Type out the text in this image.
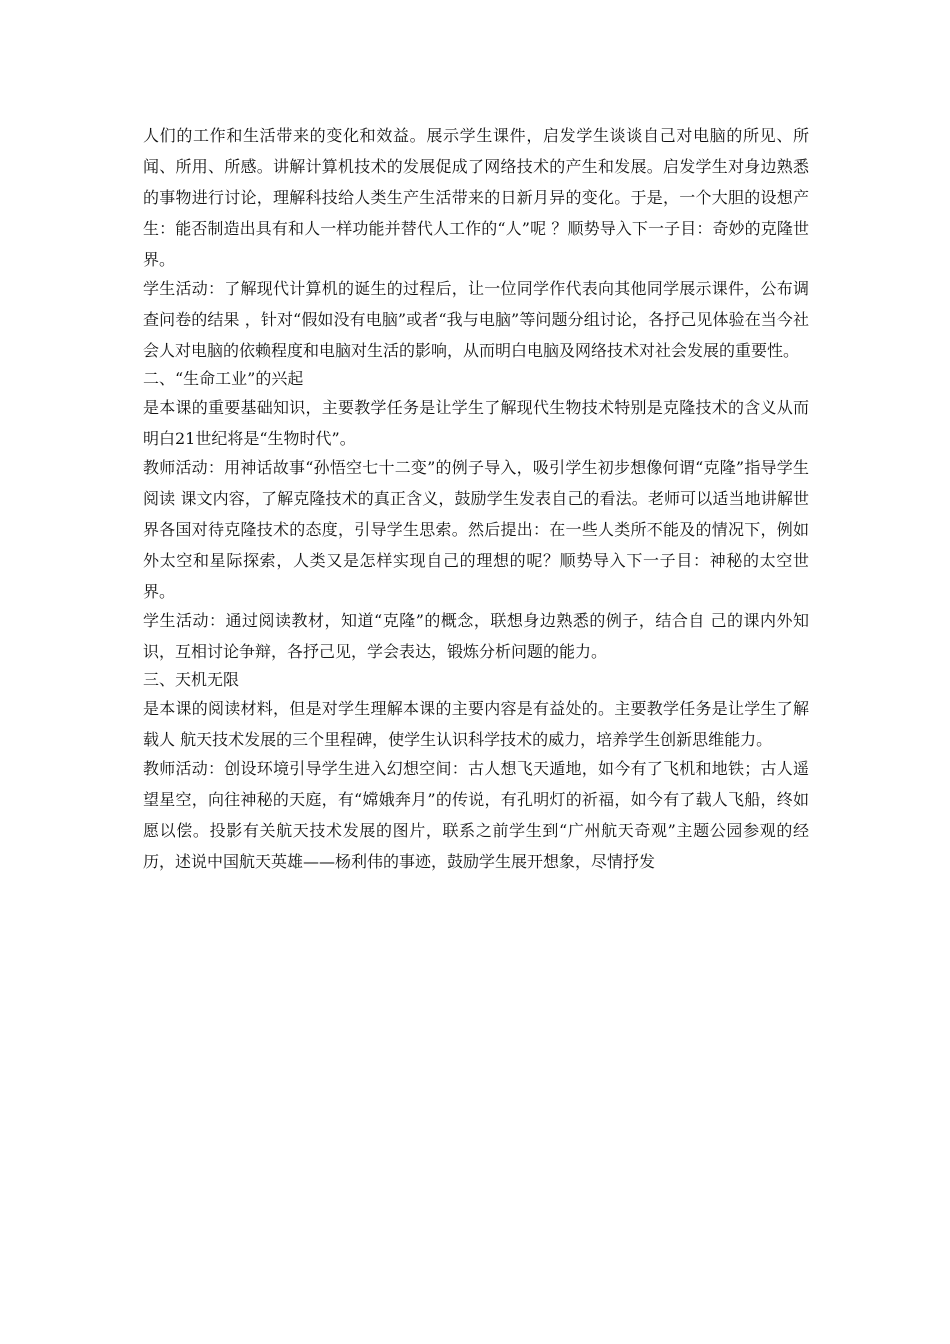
人们的工作和生活带来的变化和效益。展示学生课件，启发学生谈谈自己对电脑的所见、所闻、所用、所感。讲解计算机技术的发展促成了网络技术的产生和发展。启发学生对身边熟悉的事物进行讨论，理解科技给人类生产生活带来的日新月异的变化。于是，一个大胆的设想产生：能否制造出具有和人一样功能并替代人工作的“人”呢 ？顺势导入下一子目：奇妙的克隆世界。

学生活动：了解现代计算机的诞生的过程后，让一位同学作代表向其他同学展示课件，公布调查问卷的结果 ，针对“假如没有电脑”或者“我与电脑”等问题分组讨论，各抒己见体验在当今社会人对电脑的依赖程度和电脑对生活的影响，从而明白电脑及网络技术对社会发展的重要性。

二、“生命工业”的兴起

是本课的重要基础知识，主要教学任务是让学生了解现代生物技术特别是克隆技术的含义从而明白21世纪将是“生物时代”。

教师活动：用神话故事“孙悟空七十二变”的例子导入，吸引学生初步想像何谓“克隆”指导学生阅读 课文内容，了解克隆技术的真正含义，鼓励学生发表自己的看法。老师可以适当地讲解世界各国对待克隆技术的态度，引导学生思索。然后提出：在一些人类所不能及的情况下，例如外太空和星际探索，人类又是怎样实现自己的理想的呢？顺势导入下一子目：神秘的太空世界。

学生活动：通过阅读教材，知道“克隆”的概念，联想身边熟悉的例子，结合自 己的课内外知识，互相讨论争辩，各抒己见，学会表达，锻炼分析问题的能力。

三、天机无限

是本课的阅读材料，但是对学生理解本课的主要内容是有益处的。主要教学任务是让学生了解载人 航天技术发展的三个里程碑，使学生认识科学技术的威力，培养学生创新思维能力。

教师活动：创设环境引导学生进入幻想空间：古人想飞天遁地，如今有了飞机和地铁；古人遥望星空，向往神秘的天庭，有“嫦娥奔月”的传说，有孔明灯的祈福，如今有了载人飞船，终如愿以偿。投影有关航天技术发展的图片，联系之前学生到“广州航天奇观”主题公园参观的经历，述说中国航天英雄——杨利伟的事迹，鼓励学生展开想象，尽情抒发
